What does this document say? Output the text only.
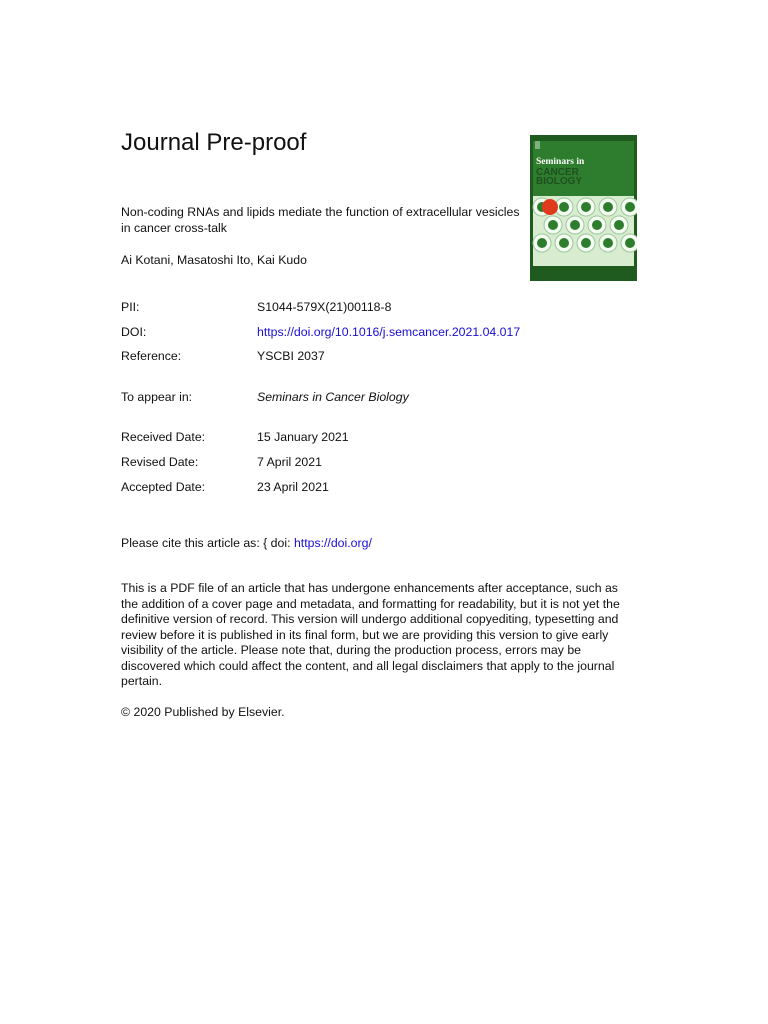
Journal Pre-proof
Non-coding RNAs and lipids mediate the function of extracellular vesicles in cancer cross-talk
Ai Kotani, Masatoshi Ito, Kai Kudo
PII:	S1044-579X(21)00118-8
DOI:	https://doi.org/10.1016/j.semcancer.2021.04.017
Reference:	YSCBI 2037
To appear in:	Seminars in Cancer Biology
Received Date:	15 January 2021
Revised Date:	7 April 2021
Accepted Date:	23 April 2021
Please cite this article as: { doi: https://doi.org/
This is a PDF file of an article that has undergone enhancements after acceptance, such as the addition of a cover page and metadata, and formatting for readability, but it is not yet the definitive version of record. This version will undergo additional copyediting, typesetting and review before it is published in its final form, but we are providing this version to give early visibility of the article. Please note that, during the production process, errors may be discovered which could affect the content, and all legal disclaimers that apply to the journal pertain.
© 2020 Published by Elsevier.
Seminars in
CANCER
BIOLOGY
